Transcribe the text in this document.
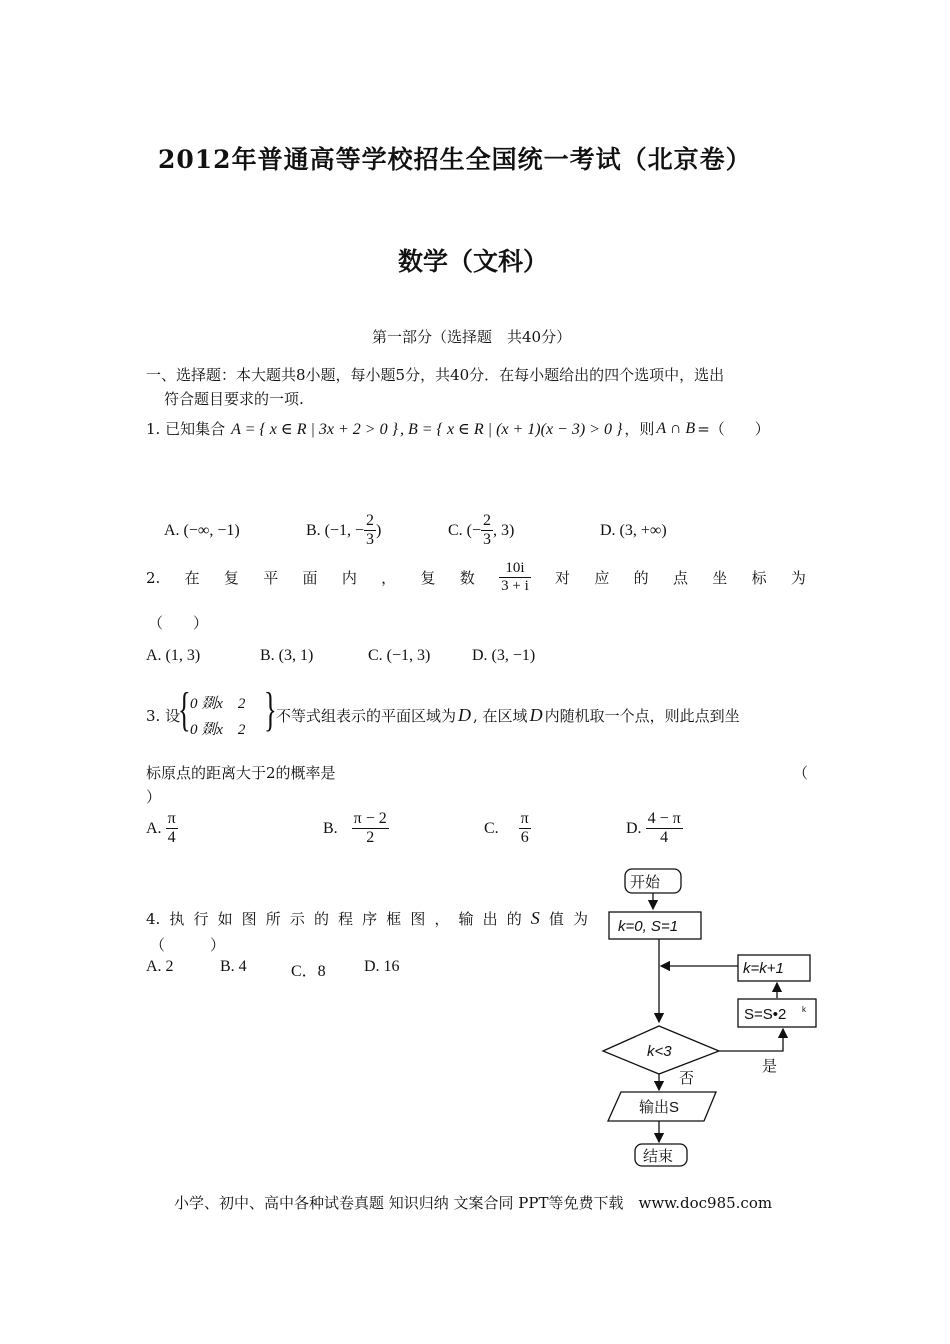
2012年普通高等学校招生全国统一考试（北京卷）
数学（文科）
第一部分（选择题　共40分）
一、选择题：本大题共8小题，每小题5分，共40分．在每小题给出的四个选项中，选出
符合题目要求的一项.
1. 已知集合 A = { x ∈ R | 3x + 2 > 0 } , B = { x ∈ R | (x + 1)(x − 3) > 0 } ，则 A ∩ B =（　　）
A. (−∞, −1)	B. (−1, − $\frac{2}{3}$ )	C. (− $\frac{2}{3}$ , 3)	D. (3, +∞)
2. 在 复 平 面 内 ， 复 数 $\frac{10i}{3 + i}$ 对 应 的 点 坐 标 为
（　　）
A. (1, 3)	B. (3, 1)	C. (−1, 3)	D. (3, −1)
3. 设
{ 0 剟x　2
0 剟x　2 } 不等式组表示的平面区域为 D , 在区域 D 内随机取一个点，则此点到坐
标原点的距离大于2的概率是	（
）
A. $\frac{\pi}{4}$	B. $\frac{\pi - 2}{2}$	C. $\frac{\pi}{6}$	D. $\frac{4 - \pi}{4}$
4. 执 行 如 图 所 示 的 程 序 框 图 ， 输 出 的 S 值 为
（　　　）
A. 2	B. 4	C．8 D. 16
开始
k=0, S=1
k=k+1
S=S•2 k
k<3
是
否
输出S
结束
小学、初中、高中各种试卷真题 知识归纳 文案合同 PPT等免费下载　www.doc985.com
